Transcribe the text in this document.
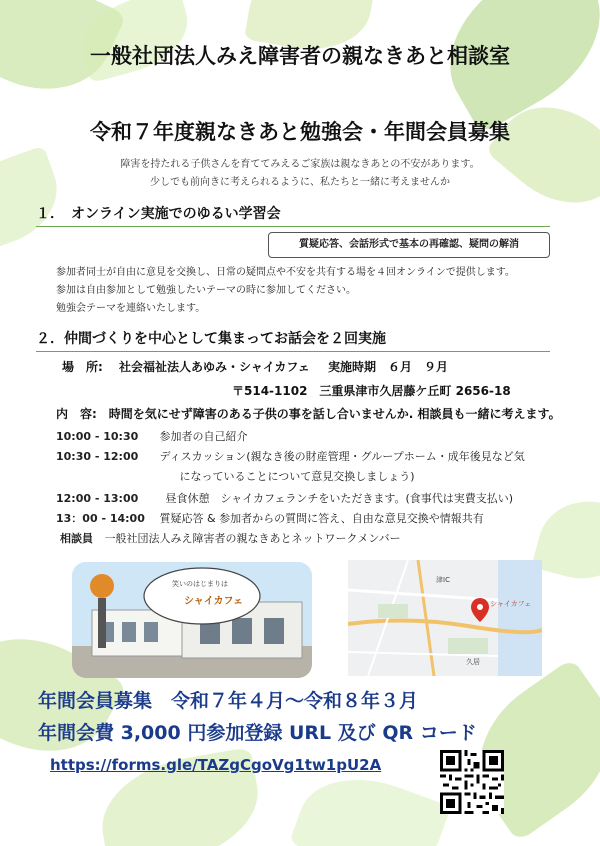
一般社団法人みえ障害者の親なきあと相談室
令和７年度親なきあと勉強会・年間会員募集
障害を持たれる子供さんを育ててみえるご家族は親なきあとの不安があります。
少しでも前向きに考えられるように、私たちと一緒に考えませんか
１．　オンライン実施でのゆるい学習会
質疑応答、会話形式で基本の再確認、疑問の解消
参加者同士が自由に意見を交換し、日常の疑問点や不安を共有する場を４回オンラインで提供します。
参加は自由参加として勉強したいテーマの時に参加してください。
勉強会テーマを連絡いたします。
２．仲間づくりを中心として集まってお話会を２回実施
場　所:　 社会福祉法人あゆみ・シャイカフェ 実施時期　６月　９月
〒514-1102　三重県津市久居藤ケ丘町 2656-18
内　容:　時間を気にせず障害のある子供の事を話し合いませんか. 相談員も一緒に考えます。
10:00 - 10:30 参加者の自己紹介
10:30 - 12:00 ディスカッション(親なき後の財産管理・グループホーム・成年後見など気
になっていることについて意見交換しましょう)
12:00 - 13:00 昼食休憩　シャイカフェランチをいただきます。(食事代は実費支払い)
13：00 - 14:00 質疑応答 & 参加者からの質問に答え、自由な意見交換や情報共有
相談員 一般社団法人みえ障害者の親なきあとネットワークメンバー
シャイカフェ
笑いのはじまりは
シャイカフェ
久居
津IC
年間会員募集　令和７年４月～令和８年３月
年間会費 3,000 円参加登録 URL 及び QR コード
https://forms.gle/TAZgCgoVg1tw1pU2A
